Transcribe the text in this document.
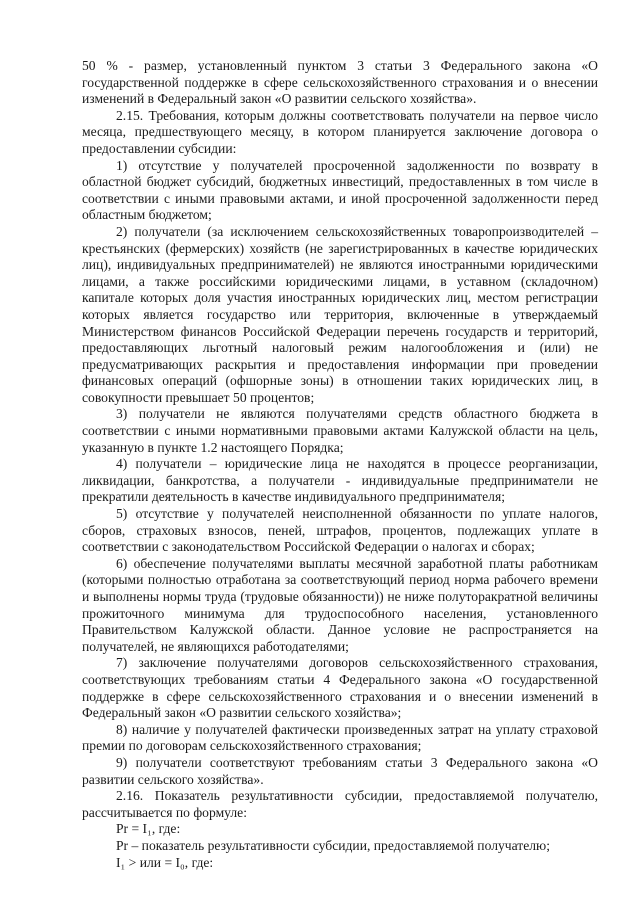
50 % - размер, установленный пунктом 3 статьи 3 Федерального закона «О государственной поддержке в сфере сельскохозяйственного страхования и о внесении изменений в Федеральный закон «О развитии сельского хозяйства».

2.15. Требования, которым должны соответствовать получатели на первое число месяца, предшествующего месяцу, в котором планируется заключение договора о предоставлении субсидии:

1) отсутствие у получателей просроченной задолженности по возврату в областной бюджет субсидий, бюджетных инвестиций, предоставленных в том числе в соответствии с иными правовыми актами, и иной просроченной задолженности перед областным бюджетом;

2) получатели (за исключением сельскохозяйственных товаропроизводителей – крестьянских (фермерских) хозяйств (не зарегистрированных в качестве юридических лиц), индивидуальных предпринимателей) не являются иностранными юридическими лицами, а также российскими юридическими лицами, в уставном (складочном) капитале которых доля участия иностранных юридических лиц, местом регистрации которых является государство или территория, включенные в утверждаемый Министерством финансов Российской Федерации перечень государств и территорий, предоставляющих льготный налоговый режим налогообложения и (или) не предусматривающих раскрытия и предоставления информации при проведении финансовых операций (офшорные зоны) в отношении таких юридических лиц, в совокупности превышает 50 процентов;

3) получатели не являются получателями средств областного бюджета в соответствии с иными нормативными правовыми актами Калужской области на цель, указанную в пункте 1.2 настоящего Порядка;

4) получатели – юридические лица не находятся в процессе реорганизации, ликвидации, банкротства, а получатели - индивидуальные предприниматели не прекратили деятельность в качестве индивидуального предпринимателя;

5) отсутствие у получателей неисполненной обязанности по уплате налогов, сборов, страховых взносов, пеней, штрафов, процентов, подлежащих уплате в соответствии с законодательством Российской Федерации о налогах и сборах;

6) обеспечение получателями выплаты месячной заработной платы работникам (которыми полностью отработана за соответствующий период норма рабочего времени и выполнены нормы труда (трудовые обязанности)) не ниже полуторакратной величины прожиточного минимума для трудоспособного населения, установленного Правительством Калужской области. Данное условие не распространяется на получателей, не являющихся работодателями;

7) заключение получателями договоров сельскохозяйственного страхования, соответствующих требованиям статьи 4 Федерального закона «О государственной поддержке в сфере сельскохозяйственного страхования и о внесении изменений в Федеральный закон «О развитии сельского хозяйства»;

8) наличие у получателей фактически произведенных затрат на уплату страховой премии по договорам сельскохозяйственного страхования;

9) получатели соответствуют требованиям статьи 3 Федерального закона «О развитии сельского хозяйства».

2.16. Показатель результативности субсидии, предоставляемой получателю, рассчитывается по формуле:

Pr = I₁, где:

Pr – показатель результативности субсидии, предоставляемой получателю;

I₁ > или = I₀, где:
